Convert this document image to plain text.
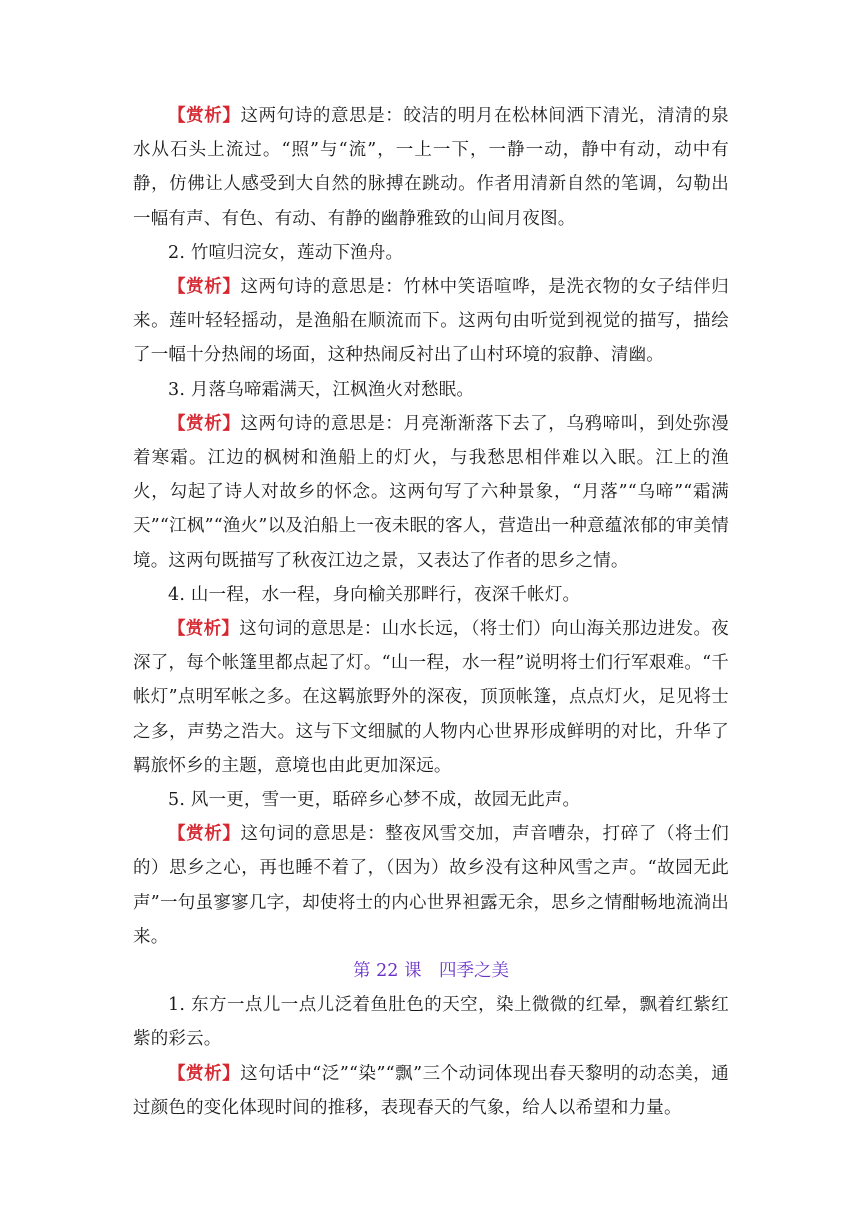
【赏析】这两句诗的意思是：皎洁的明月在松林间洒下清光，清清的泉水从石头上流过。“照”与“流”，一上一下，一静一动，静中有动，动中有静，仿佛让人感受到大自然的脉搏在跳动。作者用清新自然的笔调，勾勒出一幅有声、有色、有动、有静的幽静雅致的山间月夜图。

2. 竹喧归浣女，莲动下渔舟。

【赏析】这两句诗的意思是：竹林中笑语喧哗，是洗衣物的女子结伴归来。莲叶轻轻摇动，是渔船在顺流而下。这两句由听觉到视觉的描写，描绘了一幅十分热闹的场面，这种热闹反衬出了山村环境的寂静、清幽。

3. 月落乌啼霜满天，江枫渔火对愁眠。

【赏析】这两句诗的意思是：月亮渐渐落下去了，乌鸦啼叫，到处弥漫着寒霜。江边的枫树和渔船上的灯火，与我愁思相伴难以入眠。江上的渔火，勾起了诗人对故乡的怀念。这两句写了六种景象，“月落”“乌啼”“霜满天”“江枫”“渔火”以及泊船上一夜未眠的客人，营造出一种意蕴浓郁的审美情境。这两句既描写了秋夜江边之景，又表达了作者的思乡之情。

4. 山一程，水一程，身向榆关那畔行，夜深千帐灯。

【赏析】这句词的意思是：山水长远，（将士们）向山海关那边进发。夜深了，每个帐篷里都点起了灯。“山一程，水一程”说明将士们行军艰难。“千帐灯”点明军帐之多。在这羁旅野外的深夜，顶顶帐篷，点点灯火，足见将士之多，声势之浩大。这与下文细腻的人物内心世界形成鲜明的对比，升华了羁旅怀乡的主题，意境也由此更加深远。

5. 风一更，雪一更，聒碎乡心梦不成，故园无此声。

【赏析】这句词的意思是：整夜风雪交加，声音嘈杂，打碎了（将士们的）思乡之心，再也睡不着了，（因为）故乡没有这种风雪之声。“故园无此声”一句虽寥寥几字，却使将士的内心世界袒露无余，思乡之情酣畅地流淌出来。

第 22 课　四季之美

1. 东方一点儿一点儿泛着鱼肚色的天空，染上微微的红晕，飘着红紫红紫的彩云。

【赏析】这句话中“泛”“染”“飘”三个动词体现出春天黎明的动态美，通过颜色的变化体现时间的推移，表现春天的气象，给人以希望和力量。
